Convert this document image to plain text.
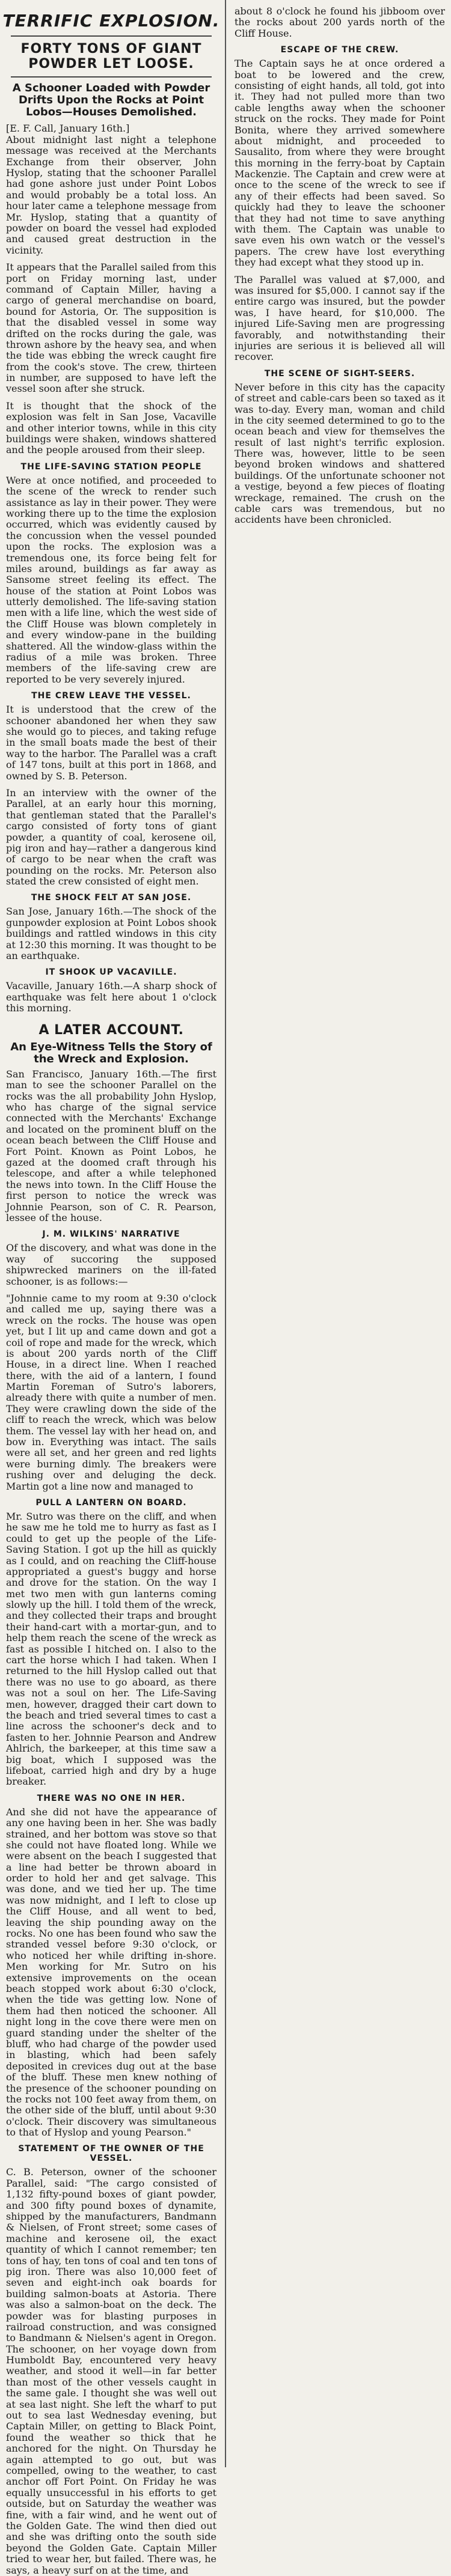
TERRIFIC EXPLOSION.
FORTY TONS OF GIANT POWDER LET LOOSE.
A Schooner Loaded with Powder Drifts Upon the Rocks at Point Lobos—Houses Demolished.
[E. F. Call, January 16th.]
About midnight last night a telephone message was received at the Merchants Exchange from their observer, John Hyslop, stating that the schooner Parallel had gone ashore just under Point Lobos and would probably be a total loss. An hour later came a telephone message from Mr. Hyslop, stating that a quantity of powder on board the vessel had exploded and caused great destruction in the vicinity.
It appears that the Parallel sailed from this port on Friday morning last, under command of Captain Miller, having a cargo of general merchandise on board, bound for Astoria, Or. The supposition is that the disabled vessel in some way drifted on the rocks during the gale, was thrown ashore by the heavy sea, and when the tide was ebbing the wreck caught fire from the cook's stove. The crew, thirteen in number, are supposed to have left the vessel soon after she struck.
It is thought that the shock of the explosion was felt in San Jose, Vacaville and other interior towns, while in this city buildings were shaken, windows shattered and the people aroused from their sleep.
THE LIFE-SAVING STATION PEOPLE
Were at once notified, and proceeded to the scene of the wreck to render such assistance as lay in their power. They were working there up to the time the explosion occurred, which was evidently caused by the concussion when the vessel pounded upon the rocks. The explosion was a tremendous one, its force being felt for miles around, buildings as far away as Sansome street feeling its effect. The house of the station at Point Lobos was utterly demolished. The life-saving station men with a life line, which the west side of the Cliff House was blown completely in and every window-pane in the building shattered. All the window-glass within the radius of a mile was broken. Three members of the life-saving crew are reported to be very severely injured.
THE CREW LEAVE THE VESSEL.
It is understood that the crew of the schooner abandoned her when they saw she would go to pieces, and taking refuge in the small boats made the best of their way to the harbor. The Parallel was a craft of 147 tons, built at this port in 1868, and owned by S. B. Peterson.
In an interview with the owner of the Parallel, at an early hour this morning, that gentleman stated that the Parallel's cargo consisted of forty tons of giant powder, a quantity of coal, kerosene oil, pig iron and hay—rather a dangerous kind of cargo to be near when the craft was pounding on the rocks. Mr. Peterson also stated the crew consisted of eight men.
THE SHOCK FELT AT SAN JOSE.
San Jose, January 16th.—The shock of the gunpowder explosion at Point Lobos shook buildings and rattled windows in this city at 12:30 this morning. It was thought to be an earthquake.
IT SHOOK UP VACAVILLE.
Vacaville, January 16th.—A sharp shock of earthquake was felt here about 1 o'clock this morning.
A LATER ACCOUNT.
An Eye-Witness Tells the Story of the Wreck and Explosion.
San Francisco, January 16th.—The first man to see the schooner Parallel on the rocks was the all probability John Hyslop, who has charge of the signal service connected with the Merchants' Exchange and located on the prominent bluff on the ocean beach between the Cliff House and Fort Point. Known as Point Lobos, he gazed at the doomed craft through his telescope, and after a while telephoned the news into town. In the Cliff House the first person to notice the wreck was Johnnie Pearson, son of C. R. Pearson, lessee of the house.
J. M. WILKINS' NARRATIVE
Of the discovery, and what was done in the way of succoring the supposed shipwrecked mariners on the ill-fated schooner, is as follows:—
"Johnnie came to my room at 9:30 o'clock and called me up, saying there was a wreck on the rocks. The house was open yet, but I lit up and came down and got a coil of rope and made for the wreck, which is about 200 yards north of the Cliff House, in a direct line. When I reached there, with the aid of a lantern, I found Martin Foreman of Sutro's laborers, already there with quite a number of men. They were crawling down the side of the cliff to reach the wreck, which was below them. The vessel lay with her head on, and bow in. Everything was intact. The sails were all set, and her green and red lights were burning dimly. The breakers were rushing over and deluging the deck. Martin got a line now and managed to
PULL A LANTERN ON BOARD.
Mr. Sutro was there on the cliff, and when he saw me he told me to hurry as fast as I could to get up the people of the Life-Saving Station. I got up the hill as quickly as I could, and on reaching the Cliff-house appropriated a guest's buggy and horse and drove for the station. On the way I met two men with gun lanterns coming slowly up the hill. I told them of the wreck, and they collected their traps and brought their hand-cart with a mortar-gun, and to help them reach the scene of the wreck as fast as possible I hitched on. I also to the cart the horse which I had taken. When I returned to the hill Hyslop called out that there was no use to go aboard, as there was not a soul on her. The Life-Saving men, however, dragged their cart down to the beach and tried several times to cast a line across the schooner's deck and to fasten to her. Johnnie Pearson and Andrew Ahlrich, the barkeeper, at this time saw a big boat, which I supposed was the lifeboat, carried high and dry by a huge breaker.
THERE WAS NO ONE IN HER.
And she did not have the appearance of any one having been in her. She was badly strained, and her bottom was stove so that she could not have floated long. While we were absent on the beach I suggested that a line had better be thrown aboard in order to hold her and get salvage. This was done, and we tied her up. The time was now midnight, and I left to close up the Cliff House, and all went to bed, leaving the ship pounding away on the rocks. No one has been found who saw the stranded vessel before 9:30 o'clock, or who noticed her while drifting in-shore. Men working for Mr. Sutro on his extensive improvements on the ocean beach stopped work about 6:30 o'clock, when the tide was getting low. None of them had then noticed the schooner. All night long in the cove there were men on guard standing under the shelter of the bluff, who had charge of the powder used in blasting, which had been safely deposited in crevices dug out at the base of the bluff. These men knew nothing of the presence of the schooner pounding on the rocks not 100 feet away from them, on the other side of the bluff, until about 9:30 o'clock. Their discovery was simultaneous to that of Hyslop and young Pearson."
STATEMENT OF THE OWNER OF THE VESSEL.
C. B. Peterson, owner of the schooner Parallel, said: "The cargo consisted of 1,132 fifty-pound boxes of giant powder, and 300 fifty pound boxes of dynamite, shipped by the manufacturers, Bandmann & Nielsen, of Front street; some cases of machine and kerosene oil, the exact quantity of which I cannot remember; ten tons of hay, ten tons of coal and ten tons of pig iron. There was also 10,000 feet of seven and eight-inch oak boards for building salmon-boats at Astoria. There was also a salmon-boat on the deck. The powder was for blasting purposes in railroad construction, and was consigned to Bandmann & Nielsen's agent in Oregon. The schooner, on her voyage down from Humboldt Bay, encountered very heavy weather, and stood it well—in far better than most of the other vessels caught in the same gale. I thought she was well out at sea last night. She left the wharf to put out to sea last Wednesday evening, but Captain Miller, on getting to Black Point, found the weather so thick that he anchored for the night. On Thursday he again attempted to go out, but was compelled, owing to the weather, to cast anchor off Fort Point. On Friday he was equally unsuccessful in his efforts to get outside, but on Saturday the weather was fine, with a fair wind, and he went out of the Golden Gate. The wind then died out and she was drifting onto the south side beyond the Golden Gate. Captain Miller tried to wear her, but failed. There was, he says, a heavy surf on at the time, and
about 8 o'clock he found his jibboom over the rocks about 200 yards north of the Cliff House.
ESCAPE OF THE CREW.
The Captain says he at once ordered a boat to be lowered and the crew, consisting of eight hands, all told, got into it. They had not pulled more than two cable lengths away when the schooner struck on the rocks. They made for Point Bonita, where they arrived somewhere about midnight, and proceeded to Sausalito, from where they were brought this morning in the ferry-boat by Captain Mackenzie. The Captain and crew were at once to the scene of the wreck to see if any of their effects had been saved. So quickly had they to leave the schooner that they had not time to save anything with them. The Captain was unable to save even his own watch or the vessel's papers. The crew have lost everything they had except what they stood up in.
The Parallel was valued at $7,000, and was insured for $5,000. I cannot say if the entire cargo was insured, but the powder was, I have heard, for $10,000. The injured Life-Saving men are progressing favorably, and notwithstanding their injuries are serious it is believed all will recover.
THE SCENE OF SIGHT-SEERS.
Never before in this city has the capacity of street and cable-cars been so taxed as it was to-day. Every man, woman and child in the city seemed determined to go to the ocean beach and view for themselves the result of last night's terrific explosion. There was, however, little to be seen beyond broken windows and shattered buildings. Of the unfortunate schooner not a vestige, beyond a few pieces of floating wreckage, remained. The crush on the cable cars was tremendous, but no accidents have been chronicled.
